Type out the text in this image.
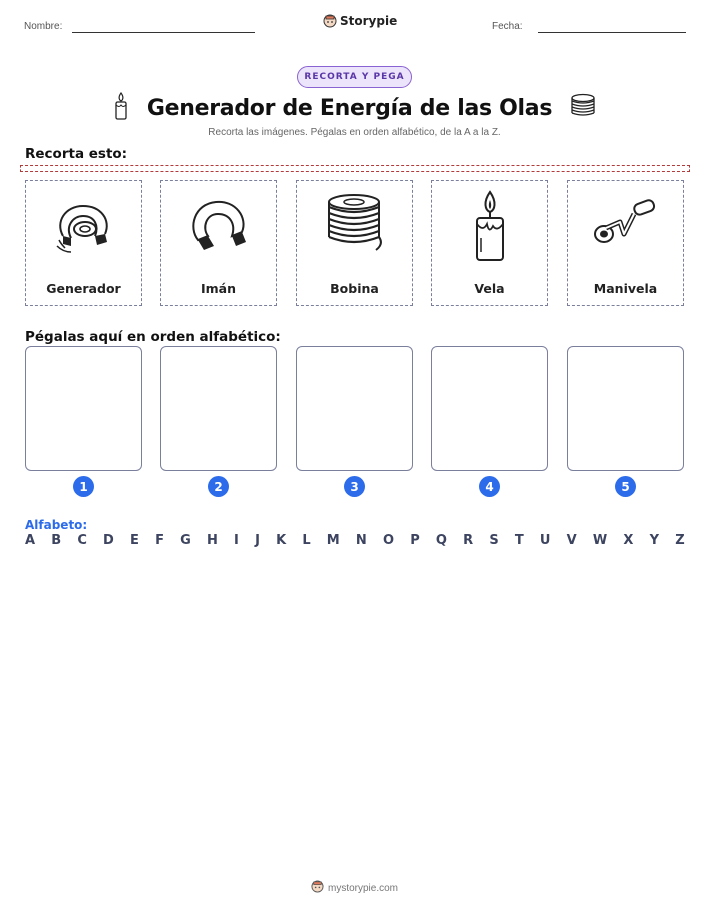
Nombre:	Storypie	Fecha:
RECORTA Y PEGA
Generador de Energía de las Olas
Recorta las imágenes. Pégalas en orden alfabético, de la A a la Z.
Recorta esto:
Generador	Imán	Bobina	Vela	Manivela
Pégalas aquí en orden alfabético:
1	2	3	4	5
Alfabeto:
A B C D E F G H I J K L M N O P Q R S T U V W X Y Z
mystorypie.com
